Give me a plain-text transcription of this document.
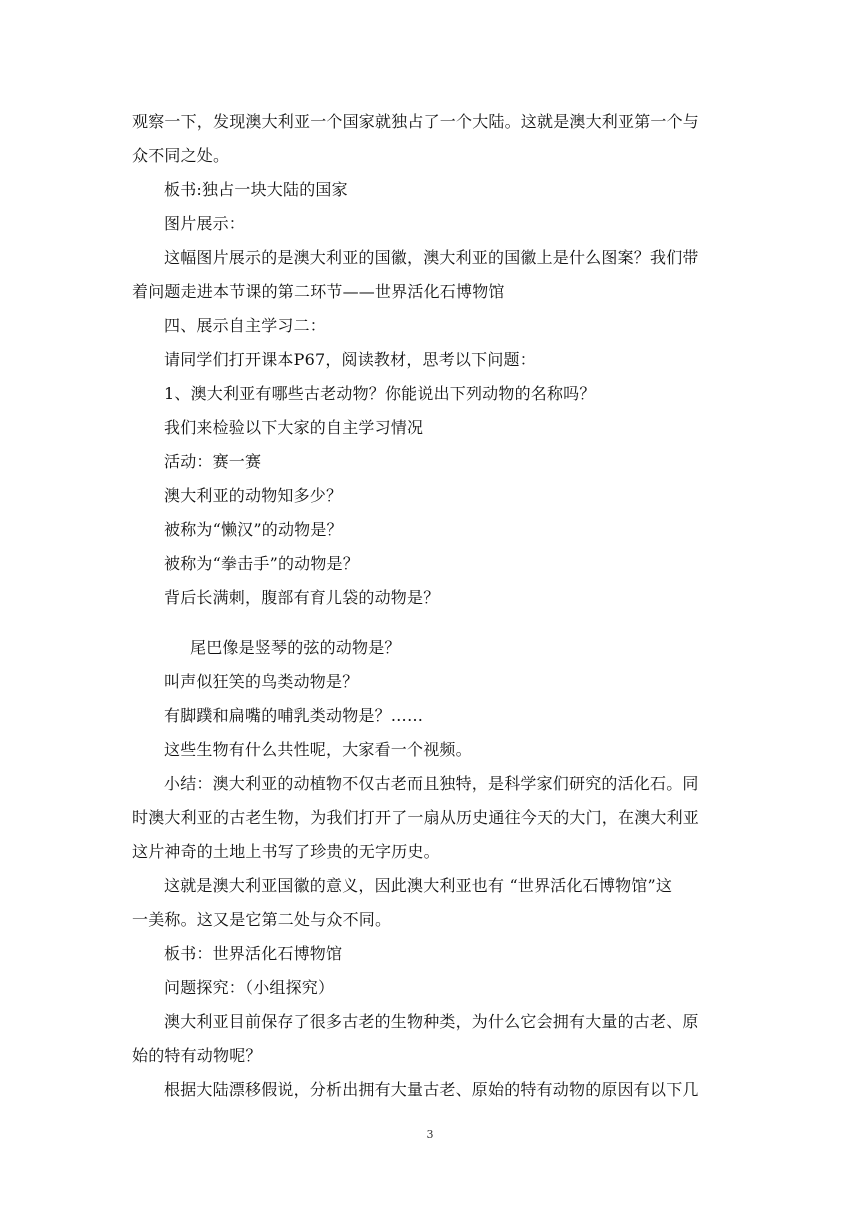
观察一下，发现澳大利亚一个国家就独占了一个大陆。这就是澳大利亚第一个与

众不同之处。

板书:独占一块大陆的国家

图片展示：

这幅图片展示的是澳大利亚的国徽，澳大利亚的国徽上是什么图案？我们带

着问题走进本节课的第二环节——世界活化石博物馆

四、展示自主学习二：

请同学们打开课本P67，阅读教材，思考以下问题：

1、澳大利亚有哪些古老动物？你能说出下列动物的名称吗？

我们来检验以下大家的自主学习情况

活动：赛一赛

澳大利亚的动物知多少？

被称为“懒汉”的动物是？

被称为“拳击手”的动物是？

背后长满刺，腹部有育儿袋的动物是？

尾巴像是竖琴的弦的动物是？

叫声似狂笑的鸟类动物是？

有脚蹼和扁嘴的哺乳类动物是？……

这些生物有什么共性呢，大家看一个视频。

小结：澳大利亚的动植物不仅古老而且独特，是科学家们研究的活化石。同

时澳大利亚的古老生物，为我们打开了一扇从历史通往今天的大门，在澳大利亚

这片神奇的土地上书写了珍贵的无字历史。

这就是澳大利亚国徽的意义，因此澳大利亚也有 “世界活化石博物馆”这

一美称。这又是它第二处与众不同。

板书：世界活化石博物馆

问题探究：（小组探究）

澳大利亚目前保存了很多古老的生物种类，为什么它会拥有大量的古老、原

始的特有动物呢？

根据大陆漂移假说，分析出拥有大量古老、原始的特有动物的原因有以下几

3
